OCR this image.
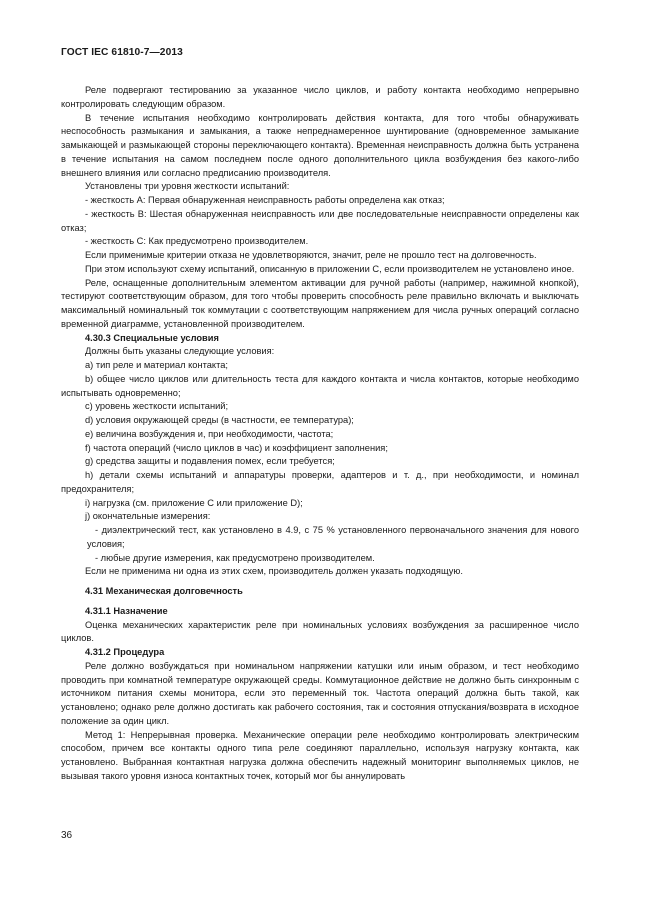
ГОСТ IEC 61810-7—2013

Реле подвергают тестированию за указанное число циклов, и работу контакта необходимо непрерывно контролировать следующим образом.

В течение испытания необходимо контролировать действия контакта, для того чтобы обнаруживать неспособность размыкания и замыкания, а также непреднамеренное шунтирование (одновременное замыкание замыкающей и размыкающей стороны переключающего контакта). Временная неисправность должна быть устранена в течение испытания на самом последнем после одного дополнительного цикла возбуждения без какого-либо внешнего влияния или согласно предписанию производителя.

Установлены три уровня жесткости испытаний:

- жесткость А: Первая обнаруженная неисправность работы определена как отказ;

- жесткость В: Шестая обнаруженная неисправность или две последовательные неисправности определены как отказ;

- жесткость С: Как предусмотрено производителем.

Если применимые критерии отказа не удовлетворяются, значит, реле не прошло тест на долговечность.

При этом используют схему испытаний, описанную в приложении С, если производителем не установлено иное.

Реле, оснащенные дополнительным элементом активации для ручной работы (например, нажимной кнопкой), тестируют соответствующим образом, для того чтобы проверить способность реле правильно включать и выключать максимальный номинальный ток коммутации с соответствующим напряжением для числа ручных операций согласно временной диаграмме, установленной производителем.

4.30.3 Специальные условия

Должны быть указаны следующие условия:

а) тип реле и материал контакта;

b) общее число циклов или длительность теста для каждого контакта и числа контактов, которые необходимо испытывать одновременно;

с) уровень жесткости испытаний;

d) условия окружающей среды (в частности, ее температура);

е) величина возбуждения и, при необходимости, частота;

f) частота операций (число циклов в час) и коэффициент заполнения;

g) средства защиты и подавления помех, если требуется;

h) детали схемы испытаний и аппаратуры проверки, адаптеров и т. д., при необходимости, и номинал предохранителя;

i) нагрузка (см. приложение С или приложение D);

j) окончательные измерения:

- диэлектрический тест, как установлено в 4.9, с 75 % установленного первоначального значения для нового условия;

- любые другие измерения, как предусмотрено производителем.

Если не применима ни одна из этих схем, производитель должен указать подходящую.

4.31 Механическая долговечность

4.31.1 Назначение

Оценка механических характеристик реле при номинальных условиях возбуждения за расширенное число циклов.

4.31.2 Процедура

Реле должно возбуждаться при номинальном напряжении катушки или иным образом, и тест необходимо проводить при комнатной температуре окружающей среды. Коммутационное действие не должно быть синхронным с источником питания схемы монитора, если это переменный ток. Частота операций должна быть такой, как установлено; однако реле должно достигать как рабочего состояния, так и состояния отпускания/возврата в исходное положение за один цикл.

Метод 1: Непрерывная проверка. Механические операции реле необходимо контролировать электрическим способом, причем все контакты одного типа реле соединяют параллельно, используя нагрузку контакта, как установлено. Выбранная контактная нагрузка должна обеспечить надежный мониторинг выполняемых циклов, не вызывая такого уровня износа контактных точек, который мог бы аннулировать

36
